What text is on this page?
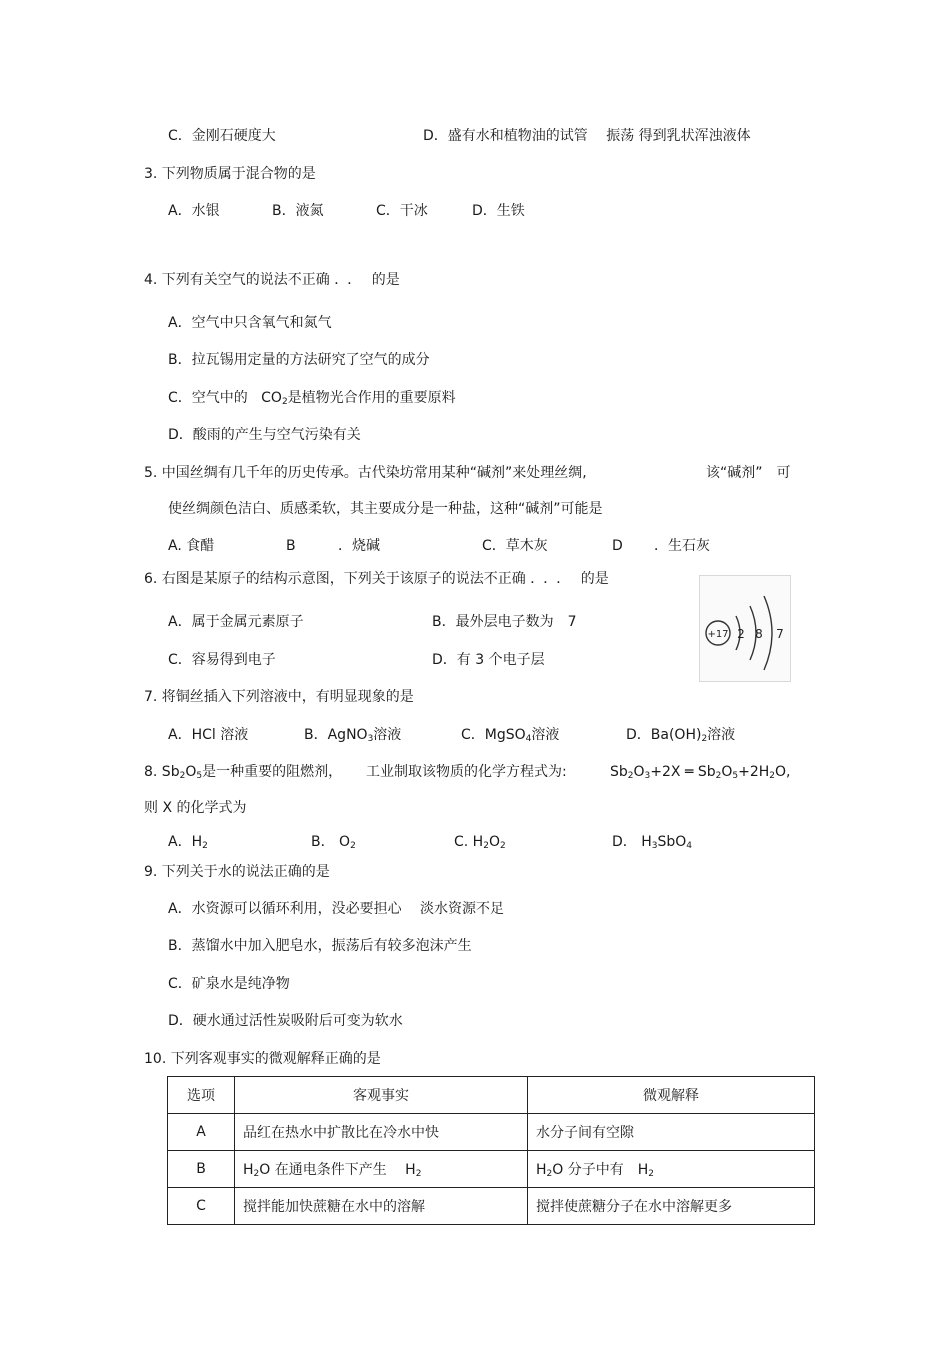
C．金刚石硬度大	D．盛有水和植物油的试管　 振荡 得到乳状浑浊液体
3. 下列物质属于混合物的是
A．水银	B．液氮	C．干冰	D．生铁
4. 下列有关空气的说法不正确 ．． 的是
A．空气中只含氧气和氮气
B．拉瓦锡用定量的方法研究了空气的成分
C．空气中的 $CO_2$是植物光合作用的重要原料
D．酸雨的产生与空气污染有关
5. 中国丝绸有几千年的历史传承。古代染坊常用某种“碱剂”来处理丝绸,	该“碱剂”　可
使丝绸颜色洁白、质感柔软，其主要成分是一种盐，这种“碱剂”可能是
A. 食醋	B	．烧碱	C．草木灰	D ．生石灰
6. 右图是某原子的结构示意图，下列关于该原子的说法不正确 ．．． 的是
A．属于金属元素原子	B．最外层电子数为　7
C．容易得到电子	D．有 3 个电子层
+17 2 8 7
7. 将铜丝插入下列溶液中，有明显现象的是
A．HCl 溶液	B．AgNO$_3$溶液	C．MgSO$_4$溶液	D．$Ba(OH)_2$溶液
8. $Sb_2O_5$是一种重要的阻燃剂， 工业制取该物质的化学方程式为:	$Sb_2O_3+2X$ ═ $Sb_2O_5+2H_2O$,
则 X 的化学式为
A．$H_2$	B． $O_2$	C. $H_2O_2$	D． $H_3SbO_4$
9. 下列关于水的说法正确的是
A．水资源可以循环利用，没必要担心　 淡水资源不足
B．蒸馏水中加入肥皂水，振荡后有较多泡沫产生
C．矿泉水是纯净物
D．硬水通过活性炭吸附后可变为软水
10. 下列客观事实的微观解释正确的是
选项	客观事实	微观解释
A	品红在热水中扩散比在冷水中快	水分子间有空隙
B	$H_2O$ 在通电条件下产生　 $H_2$	$H_2O$ 分子中有　$H_2$
C	搅拌能加快蔗糖在水中的溶解	搅拌使蔗糖分子在水中溶解更多
